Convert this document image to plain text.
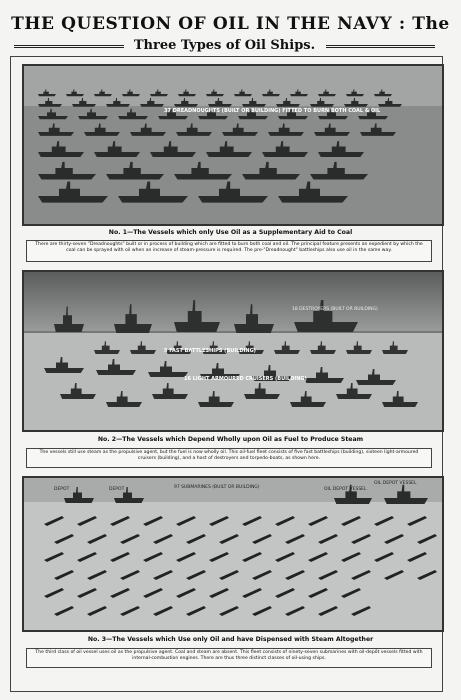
THE QUESTION OF OIL IN THE NAVY : The
Three Types of Oil Ships.
37 DREADNOUGHTS (BUILT OR BUILDING) FITTED TO BURN BOTH COAL & OIL
No. 1—The Vessels which only Use Oil as a Supplementary Aid to Coal
There are thirty-seven "Dreadnoughts" built or in process of building which are fitted to burn both coal and oil. The principal feature presents an expedient by which the coal can be sprayed with oil when an increase of steam-pressure is required. The pre-"Dreadnought" battleships also use oil in the same way.
18 DESTROYERS (BUILT OR BUILDING)
5 FAST BATTLESHIPS (BUILDING)
16 LIGHT ARMOURED CRUISERS (BUILDING)
No. 2—The Vessels which Depend Wholly upon Oil as Fuel to Produce Steam
The vessels still use steam as the propulsive agent, but the fuel is now wholly oil. This oil-fuel fleet consists of five fast battleships (building), sixteen light-armoured cruisers (building), and a host of destroyers and torpedo-boats, as shown here.
97 SUBMARINES (BUILT OR BUILDING)
DEPOT	DEPOT	OIL DEPOT VESSEL
OIL DEPOT VESSEL
No. 3—The Vessels which Use only Oil and have Dispensed with Steam Altogether
The third class of oil vessel uses oil as the propulsive agent. Coal and steam are absent. This fleet consists of ninety-seven submarines with oil-depôt vessels fitted with internal-combustion engines. There are thus three distinct classes of oil-using ships.
